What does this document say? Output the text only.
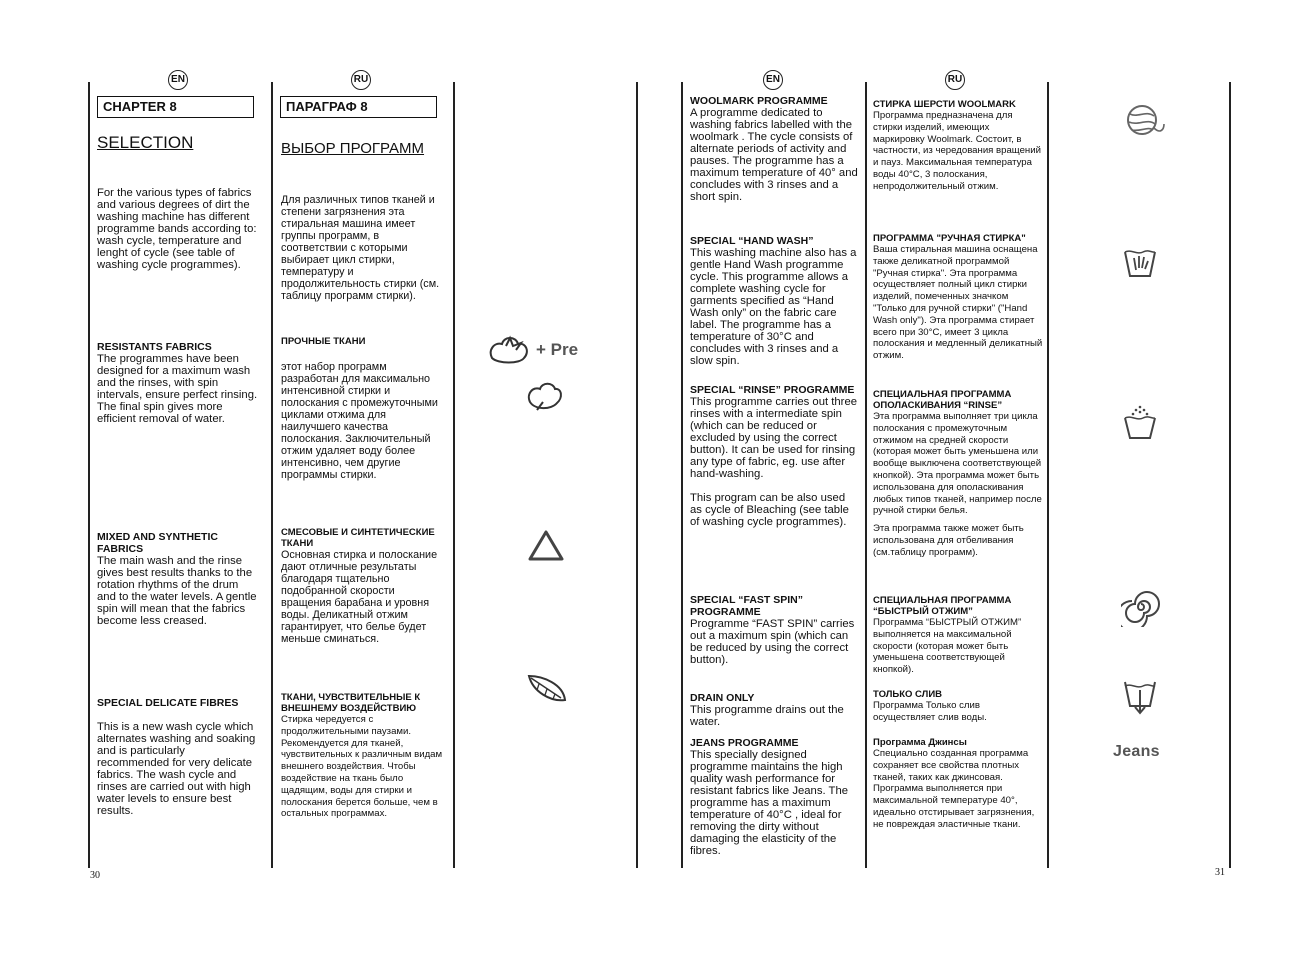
EN	RU
CHAPTER 8	ПАРАГРАФ 8
SELECTION	ВЫБОР ПРОГРАММ

For the various types of fabrics and various degrees of dirt the washing machine has different programme bands according to: wash cycle, temperature and lenght of cycle (see table of washing cycle programmes).

RESISTANTS FABRICS

The programmes have been designed for a maximum wash and the rinses, with spin intervals, ensure perfect rinsing. The final spin gives more efficient removal of water.

MIXED AND SYNTHETIC FABRICS

The main wash and the rinse gives best results thanks to the rotation rhythms of the drum and to the water levels. A gentle spin will mean that the fabrics become less creased.

SPECIAL DELICATE FIBRES

This is a new wash cycle which alternates washing and soaking and is particularly recommended for very delicate fabrics. The wash cycle and rinses are carried out with high water levels to ensure best results.

Для различных типов тканей и степени загрязнения эта стиральная машина имеет группы программ, в соответствии с которыми выбирает цикл стирки, температуру и продолжительность стирки (см. таблицу программ стирки).

ПРОЧНЫЕ ТКАНИ

этот набор программ разработан для максимально интенсивной стирки и полоскания с промежуточными циклами отжима для наилучшего качества полоскания. Заключительный отжим удаляет воду более интенсивно, чем другие программы стирки.

СМЕСОВЫЕ И СИНТЕТИЧЕСКИЕ ТКАНИ

Основная стирка и полоскание дают отличные результаты благодаря тщательно подобранной скорости вращения барабана и уровня воды. Деликатный отжим гарантирует, что белье будет меньше сминаться.

ТКАНИ, ЧУВСТВИТЕЛЬНЫЕ К ВНЕШНЕМУ ВОЗДЕЙСТВИЮ

Стирка чередуется с продолжительными паузами. Рекомендуется для тканей, чувствительных к различным видам внешнего воздействия. Чтобы воздействие на ткань было щадящим, воды для стирки и полоскания берется больше, чем в остальных программах.

+ Pre
30
EN	RU
WOOLMARK PROGRAMME

A programme dedicated to washing fabrics labelled with the woolmark . The cycle consists of alternate periods of activity and pauses. The programme has a maximum temperature of 40° and concludes with 3 rinses and a short spin.

SPECIAL “HAND WASH”

This washing machine also has a gentle Hand Wash programme cycle. This programme allows a complete washing cycle for garments specified as “Hand Wash only” on the fabric care label. The programme has a temperature of 30°C and concludes with 3 rinses and a slow spin.

SPECIAL “RINSE” PROGRAMME

This programme carries out three rinses with a intermediate spin (which can be reduced or excluded by using the correct button). It can be used for rinsing any type of fabric, eg. use after hand-washing.

This program can be also used as cycle of Bleaching (see table of washing cycle programmes).

SPECIAL “FAST SPIN” PROGRAMME

Programme “FAST SPIN” carries out a maximum spin (which can be reduced by using the correct button).

DRAIN ONLY

This programme drains out the water.

JEANS PROGRAMME

This specially designed programme maintains the high quality wash performance for resistant fabrics like Jeans. The programme has a maximum temperature of 40°C , ideal for removing the dirty without damaging the elasticity of the fibres.

СТИРКА ШЕРСТИ WOOLMARK

Программа предназначена для стирки изделий, имеющих маркировку Woolmark. Состоит, в частности, из чередования вращений и пауз. Максимальная температура воды 40°С, 3 полоскания, непродолжительный отжим.

ПРОГРАММА "РУЧНАЯ СТИРКА"

Ваша стиральная машина оснащена также деликатной программой "Ручная стирка". Эта программа осуществляет полный цикл стирки изделий, помеченных значком "Только для ручной стирки" ("Hand Wash only"). Эта программа стирает всего при 30°С, имеет 3 цикла полоскания и медленный деликатный отжим.

СПЕЦИАЛЬНАЯ ПРОГРАММА ОПОЛАСКИВАНИЯ “RINSE”

Эта программа выполняет три цикла полоскания с промежуточным отжимом на средней скорости (которая может быть уменьшена или вообще выключена соответствующей кнопкой). Эта программа может быть использована для ополаскивания любых типов тканей, например после ручной стирки белья.

Эта программа также может быть использована для отбеливания (см.таблицу программ).

СПЕЦИАЛЬНАЯ ПРОГРАММА “БЫСТРЫЙ ОТЖИМ”

Программа “БЫСТРЫЙ ОТЖИМ” выполняется на максимальной скорости (которая может быть уменьшена соответствующей кнопкой).

ТОЛЬКО СЛИВ

Программа Только слив осуществляет слив воды.

Программа Джинсы

Специально созданная программа сохраняет все свойства плотных тканей, таких как джинсовая. Программа выполняется при максимальной температуре 40°, идеально отстирывает загрязнения, не повреждая эластичные ткани.

Jeans
31
